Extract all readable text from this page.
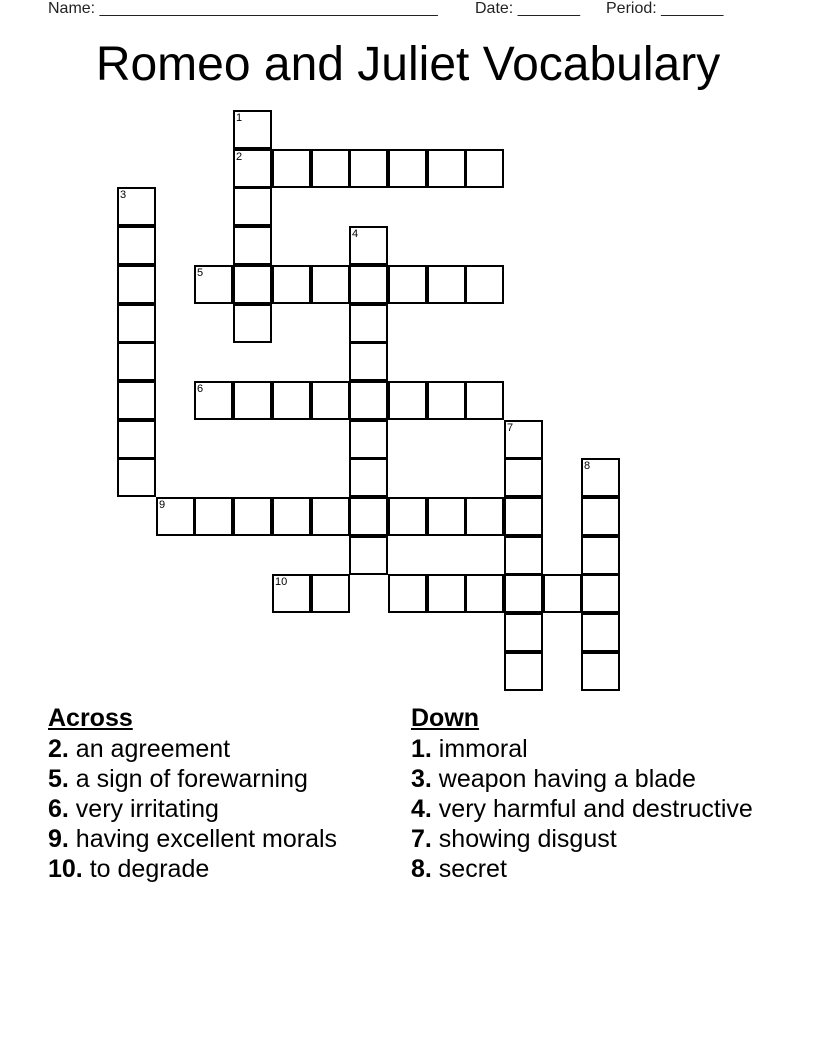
Name: ______________________________________ Date: _______ Period: _______
Romeo and Juliet Vocabulary
1
2
3
4
5
6
7
8
9
10
Across
2. an agreement
5. a sign of forewarning
6. very irritating
9. having excellent morals
10. to degrade
Down
1. immoral
3. weapon having a blade
4. very harmful and destructive
7. showing disgust
8. secret
